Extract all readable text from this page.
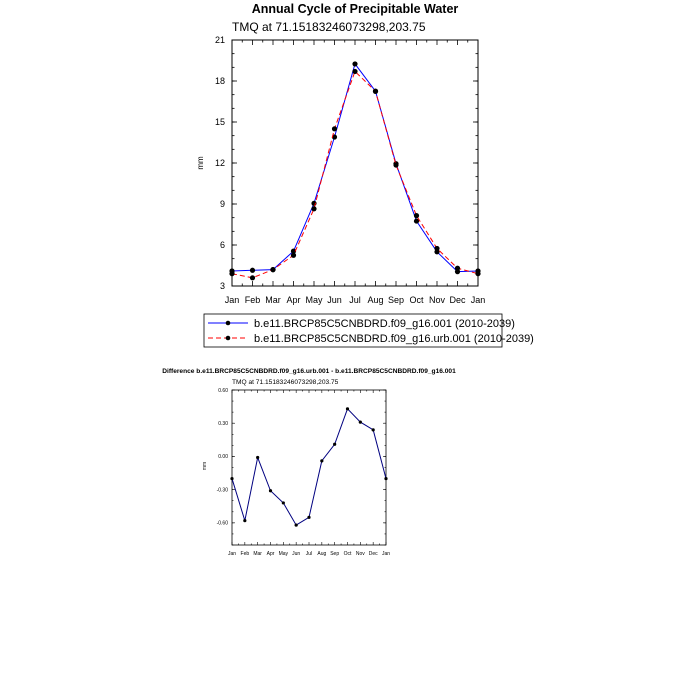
Annual Cycle of Precipitable Water
TMQ at 71.15183246073298,203.75
mm
Jan Feb Mar Apr May Jun Jul Aug Sep Oct Nov Dec Jan
3
6
9
12
15
18
21
b.e11.BRCP85C5CNBDRD.f09_g16.001 (2010-2039)
b.e11.BRCP85C5CNBDRD.f09_g16.urb.001 (2010-2039)
Difference b.e11.BRCP85C5CNBDRD.f09_g16.urb.001 - b.e11.BRCP85C5CNBDRD.f09_g16.001
TMQ at 71.15183246073298,203.75
mm
Jan Feb Mar Apr May Jun Jul Aug Sep Oct Nov Dec Jan
0.60
0.30
0.00
-0.30
-0.60
